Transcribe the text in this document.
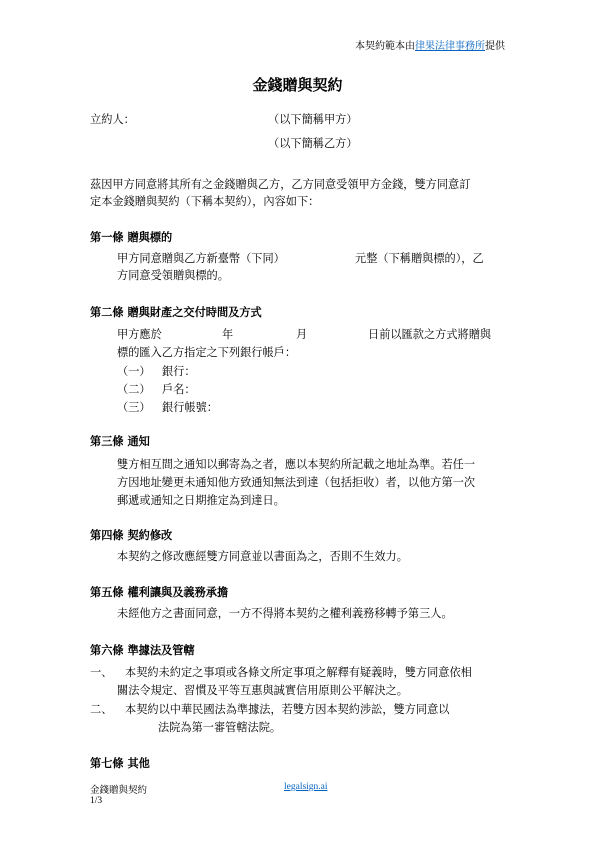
本契約範本由律果法律事務所提供
金錢贈與契約
立約人：	（以下簡稱甲方）
（以下簡稱乙方）
茲因甲方同意將其所有之金錢贈與乙方，乙方同意受領甲方金錢，雙方同意訂
定本金錢贈與契約（下稱本契約），內容如下：
第一條 贈與標的
甲方同意贈與乙方新臺幣（下同）	元整（下稱贈與標的），乙
方同意受領贈與標的。
第二條 贈與財產之交付時間及方式
甲方應於	年	月	日前以匯款之方式將贈與
標的匯入乙方指定之下列銀行帳戶：
（一） 銀行：
（二） 戶名：
（三） 銀行帳號：
第三條 通知
雙方相互間之通知以郵寄為之者，應以本契約所記載之地址為準。若任一
方因地址變更未通知他方致通知無法到達（包括拒收）者，以他方第一次
郵遞或通知之日期推定為到達日。
第四條 契約修改
本契約之修改應經雙方同意並以書面為之，否則不生效力。
第五條 權利讓與及義務承擔
未經他方之書面同意，一方不得將本契約之權利義務移轉予第三人。
第六條 準據法及管轄
一、 本契約未約定之事項或各條文所定事項之解釋有疑義時，雙方同意依相
關法令規定、習慣及平等互惠與誠實信用原則公平解決之。
二、 本契約以中華民國法為準據法，若雙方因本契約涉訟，雙方同意以
法院為第一審管轄法院。
第七條 其他
金錢贈與契約	legalsign.ai
1/3
